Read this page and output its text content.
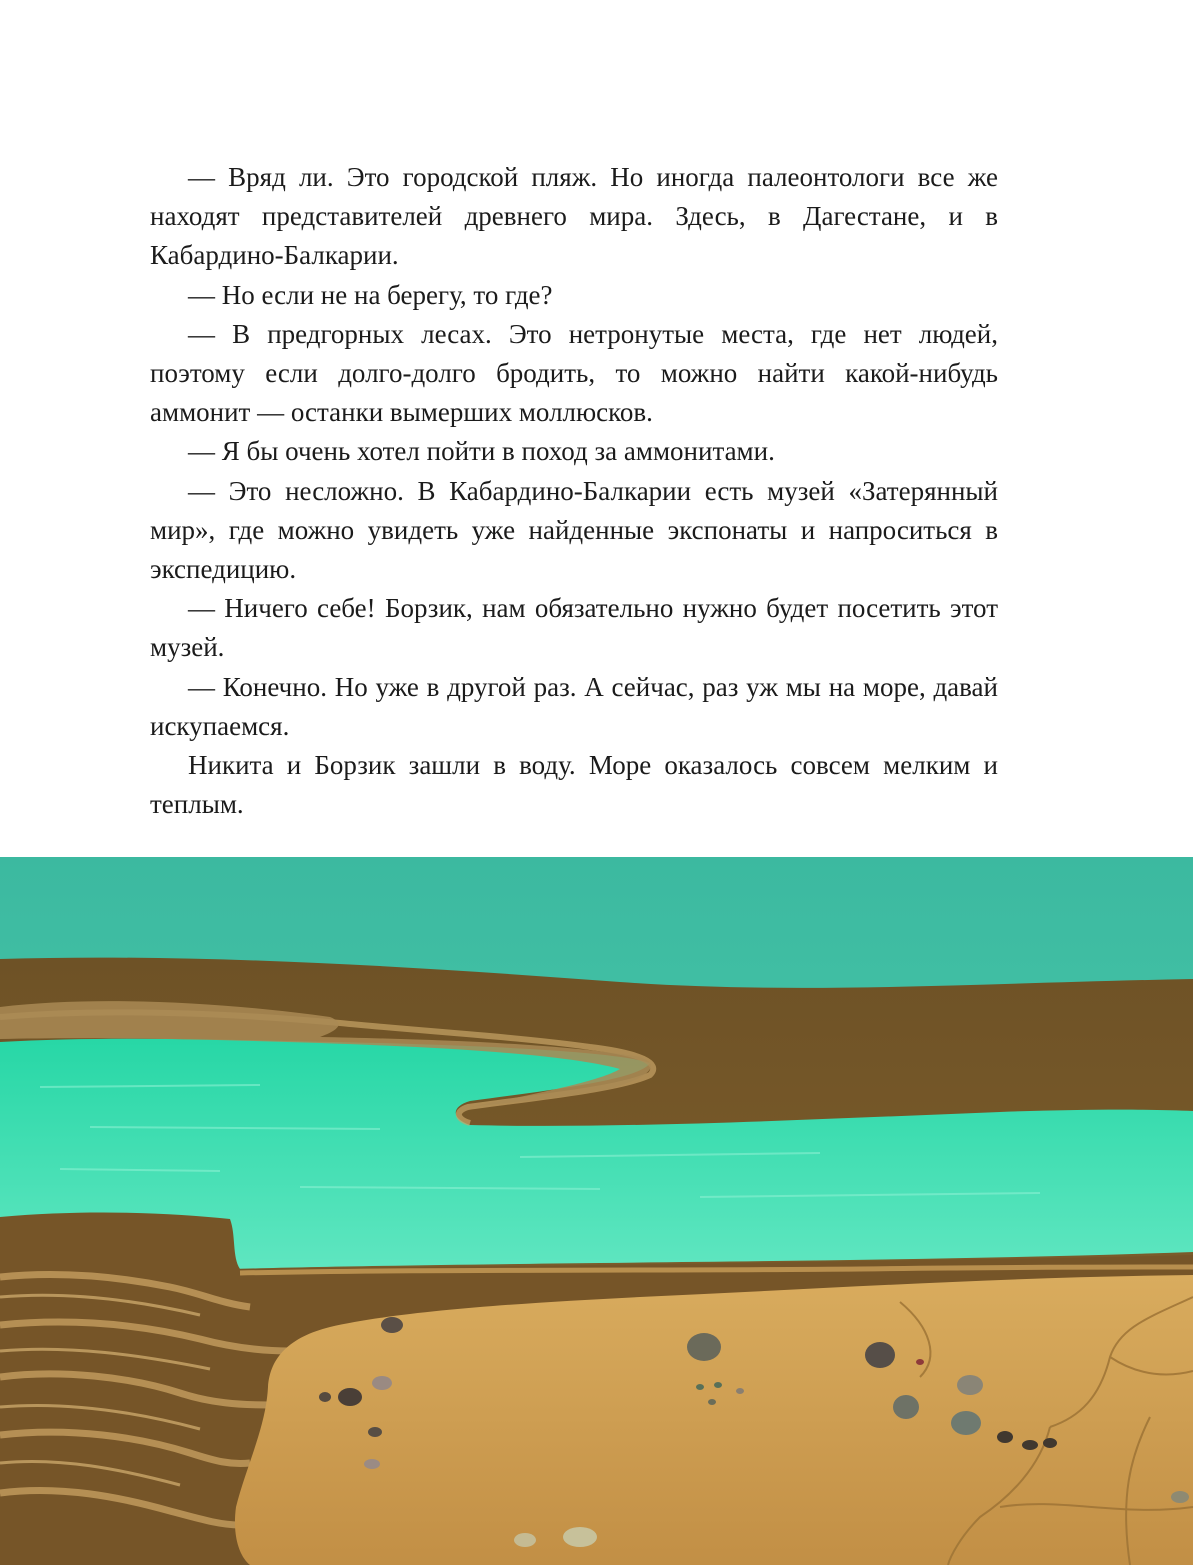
— Вряд ли. Это городской пляж. Но иногда палеонтологи все же находят представителей древнего мира. Здесь, в Дагестане, и в Кабардино-Балкарии.

— Но если не на берегу, то где?

— В предгорных лесах. Это нетронутые места, где нет людей, поэтому если долго-долго бродить, то можно найти какой-нибудь аммонит — останки вымерших моллюсков.

— Я бы очень хотел пойти в поход за аммонитами.

— Это несложно. В Кабардино-Балкарии есть музей «Затерянный мир», где можно увидеть уже найденные экспонаты и напроситься в экспедицию.

— Ничего себе! Борзик, нам обязательно нужно будет посетить этот музей.

— Конечно. Но уже в другой раз. А сейчас, раз уж мы на море, давай искупаемся.

Никита и Борзик зашли в воду. Море оказалось совсем мелким и теплым.
